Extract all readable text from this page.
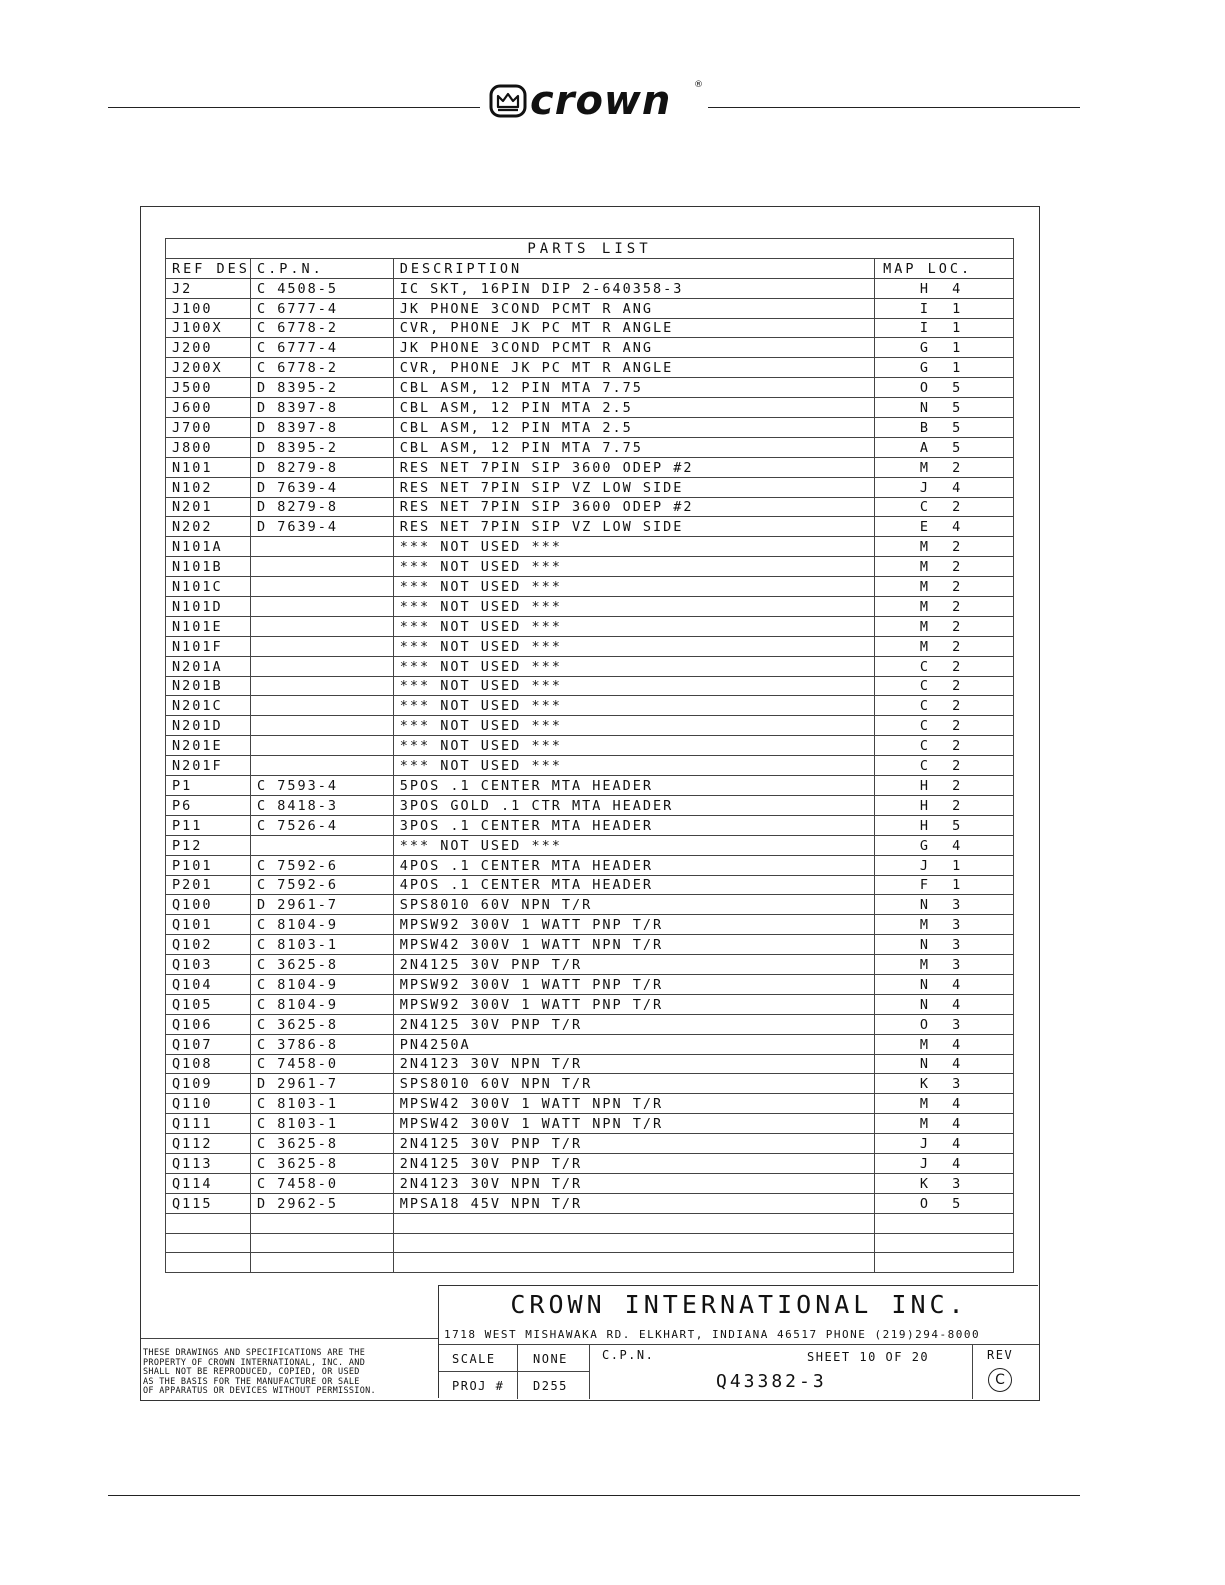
crown	®
PARTS LIST			
REF DES	C.P.N.	DESCRIPTION	MAP LOC.
J2	C 4508-5	IC SKT, 16PIN DIP 2-640358-3	H 4
J100	C 6777-4	JK PHONE 3COND PCMT R ANG	I 1
J100X	C 6778-2	CVR, PHONE JK PC MT R ANGLE	I 1
J200	C 6777-4	JK PHONE 3COND PCMT R ANG	G 1
J200X	C 6778-2	CVR, PHONE JK PC MT R ANGLE	G 1
J500	D 8395-2	CBL ASM, 12 PIN MTA 7.75	O 5
J600	D 8397-8	CBL ASM, 12 PIN MTA 2.5	N 5
J700	D 8397-8	CBL ASM, 12 PIN MTA 2.5	B 5
J800	D 8395-2	CBL ASM, 12 PIN MTA 7.75	A 5
N101	D 8279-8	RES NET 7PIN SIP 3600 ODEP #2	M 2
N102	D 7639-4	RES NET 7PIN SIP VZ LOW SIDE	J 4
N201	D 8279-8	RES NET 7PIN SIP 3600 ODEP #2	C 2
N202	D 7639-4	RES NET 7PIN SIP VZ LOW SIDE	E 4
N101A		*** NOT USED ***	M 2
N101B		*** NOT USED ***	M 2
N101C		*** NOT USED ***	M 2
N101D		*** NOT USED ***	M 2
N101E		*** NOT USED ***	M 2
N101F		*** NOT USED ***	M 2
N201A		*** NOT USED ***	C 2
N201B		*** NOT USED ***	C 2
N201C		*** NOT USED ***	C 2
N201D		*** NOT USED ***	C 2
N201E		*** NOT USED ***	C 2
N201F		*** NOT USED ***	C 2
P1	C 7593-4	5POS .1 CENTER MTA HEADER	H 2
P6	C 8418-3	3POS GOLD .1 CTR MTA HEADER	H 2
P11	C 7526-4	3POS .1 CENTER MTA HEADER	H 5
P12		*** NOT USED ***	G 4
P101	C 7592-6	4POS .1 CENTER MTA HEADER	J 1
P201	C 7592-6	4POS .1 CENTER MTA HEADER	F 1
Q100	D 2961-7	SPS8010 60V NPN T/R	N 3
Q101	C 8104-9	MPSW92 300V 1 WATT PNP T/R	M 3
Q102	C 8103-1	MPSW42 300V 1 WATT NPN T/R	N 3
Q103	C 3625-8	2N4125 30V PNP T/R	M 3
Q104	C 8104-9	MPSW92 300V 1 WATT PNP T/R	N 4
Q105	C 8104-9	MPSW92 300V 1 WATT PNP T/R	N 4
Q106	C 3625-8	2N4125 30V PNP T/R	O 3
Q107	C 3786-8	PN4250A	M 4
Q108	C 7458-0	2N4123 30V NPN T/R	N 4
Q109	D 2961-7	SPS8010 60V NPN T/R	K 3
Q110	C 8103-1	MPSW42 300V 1 WATT NPN T/R	M 4
Q111	C 8103-1	MPSW42 300V 1 WATT NPN T/R	M 4
Q112	C 3625-8	2N4125 30V PNP T/R	J 4
Q113	C 3625-8	2N4125 30V PNP T/R	J 4
Q114	C 7458-0	2N4123 30V NPN T/R	K 3
Q115	D 2962-5	MPSA18 45V NPN T/R	O 5

THESE DRAWINGS AND SPECIFICATIONS ARE THE
PROPERTY OF CROWN INTERNATIONAL, INC. AND
SHALL NOT BE REPRODUCED, COPIED, OR USED
AS THE BASIS FOR THE MANUFACTURE OR SALE
OF APPARATUS OR DEVICES WITHOUT PERMISSION.
CROWN INTERNATIONAL INC.
1718 WEST MISHAWAKA RD. ELKHART, INDIANA 46517 PHONE (219)294-8000
SCALE	NONE
PROJ # D255
C.P.N.	SHEET 10 OF 20
Q43382-3
REV
C
